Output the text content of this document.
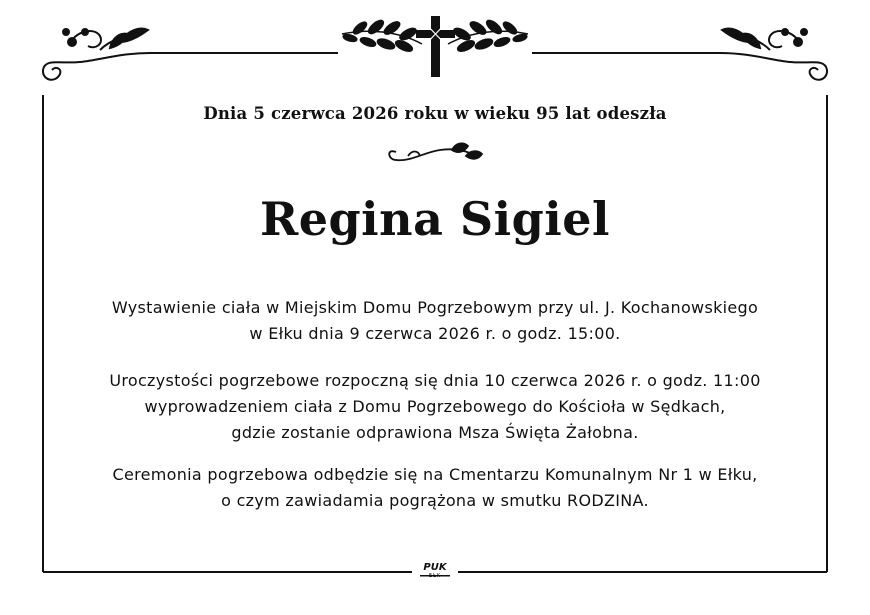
Dnia 5 czerwca 2026 roku w wieku 95 lat odeszła
Regina Sigiel
Wystawienie ciała w Miejskim Domu Pogrzebowym przy ul. J. Kochanowskiego
w Ełku dnia 9 czerwca 2026 r. o godz. 15:00.
Uroczystości pogrzebowe rozpoczną się dnia 10 czerwca 2026 r. o godz. 11:00
wyprowadzeniem ciała z Domu Pogrzebowego do Kościoła w Sędkach,
gdzie zostanie odprawiona Msza Święta Żałobna.
Ceremonia pogrzebowa odbędzie się na Cmentarzu Komunalnym Nr 1 w Ełku,
o czym zawiadamia pogrążona w smutku RODZINA.
PUK
EŁK
